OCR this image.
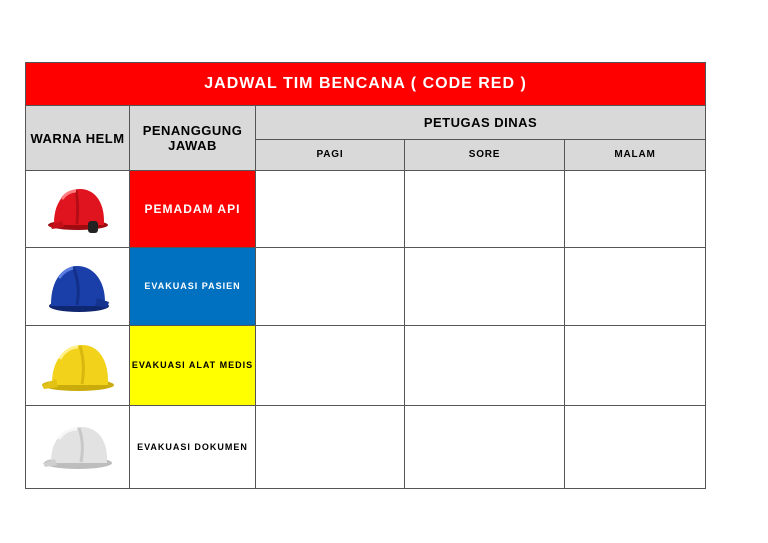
JADWAL TIM BENCANA ( CODE RED )				
WARNA HELM	PENANGGUNG JAWAB	PETUGAS DINAS		
		PAGI	SORE	MALAM

	PEMADAM API			

	EVAKUASI PASIEN			

	EVAKUASI ALAT MEDIS			

	EVAKUASI DOKUMEN			
